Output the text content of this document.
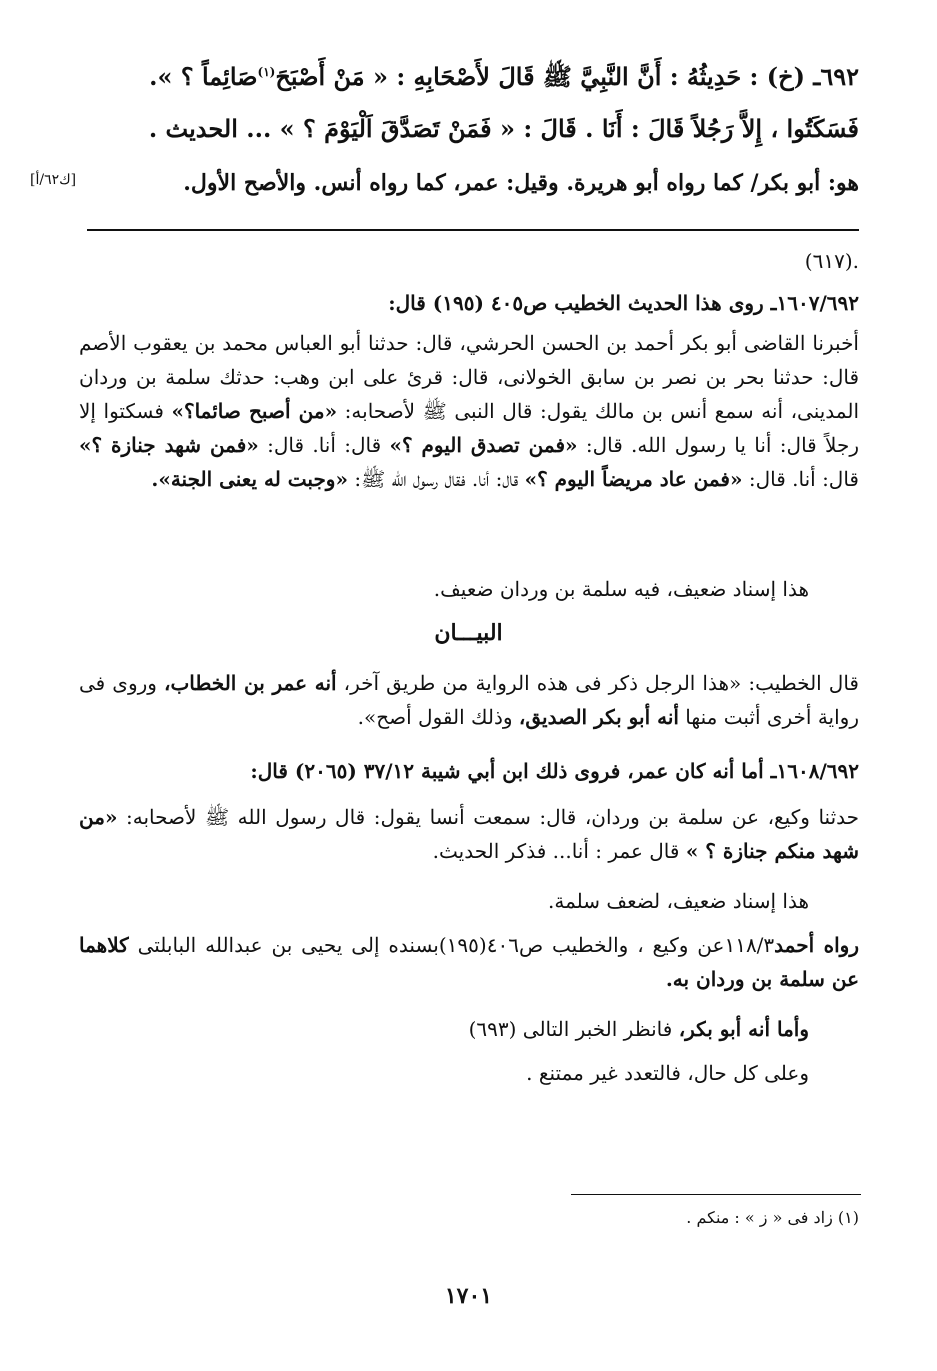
٦٩٢ـ (خ) : حَدِيثُهُ : أَنَّ النَّبِيَّ ﷺ قَالَ لأَصْحَابِهِ : « مَنْ أَصْبَحَ$^{(١)}$صَائِماً ؟ ».
فَسَكَتُوا ، إِلاَّ رَجُلاً قَالَ : أَنَا . قَالَ : « فَمَنْ تَصَدَّقَ اَلْيَوْمَ ؟ » ... الحديث .
هو: أبو بكر/ كما رواه أبو هريرة. وقيل: عمر، كما رواه أنس. والأصح الأول.
[ك٦٢/أ]
.(٦١٧)
١٦٠٧/٦٩٢ـ روى هذا الحديث الخطيب ص٤٠٥ (١٩٥) قال:
أخبرنا القاضى أبو بكر أحمد بن الحسن الحرشي، قال: حدثنا أبو العباس محمد بن يعقوب الأصم قال: حدثنا بحر بن نصر بن سابق الخولانى، قال: قرئ على ابن وهب: حدثك سلمة بن وردان المدينى، أنه سمع أنس بن مالك يقول: قال النبى ﷺ لأصحابه: «من أصبح صائما؟» فسكتوا إلا رجلاً قال: أنا يا رسول الله. قال: «فمن تصدق اليوم ؟» قال: أنا. قال: «فمن شهد جنازة ؟» قال: أنا. قال: «فمن عاد مريضاً اليوم ؟» قال: أنا. فقال رسول الله ﷺ: «وجبت له يعنى الجنة».
هذا إسناد ضعيف، فيه سلمة بن وردان ضعيف.
البيـــان
قال الخطيب: «هذا الرجل ذكر فى هذه الرواية من طريق آخر، أنه عمر بن الخطاب، وروى فى رواية أخرى أثبت منها أنه أبو بكر الصديق، وذلك القول أصح».
١٦٠٨/٦٩٢ـ أما أنه كان عمر، فروى ذلك ابن أبي شيبة ٣٧/١٢ (٢٠٦٥) قال:
حدثنا وكيع، عن سلمة بن وردان، قال: سمعت أنسا يقول: قال رسول الله ﷺ لأصحابه: «من شهد منكم جنازة ؟ » قال عمر : أنا... فذكر الحديث.
هذا إسناد ضعيف، لضعف سلمة.
رواه أحمد١١٨/٣عن وكيع ، والخطيب ص٤٠٦(١٩٥)بسنده إلى يحيى بن عبدالله البابلتى كلاهما عن سلمة بن وردان به.
وأما أنه أبو بكر، فانظر الخبر التالى (٦٩٣)
وعلى كل حال، فالتعدد غير ممتنع .
(١) زاد فى « ز » : منكم .
١٧٠١
